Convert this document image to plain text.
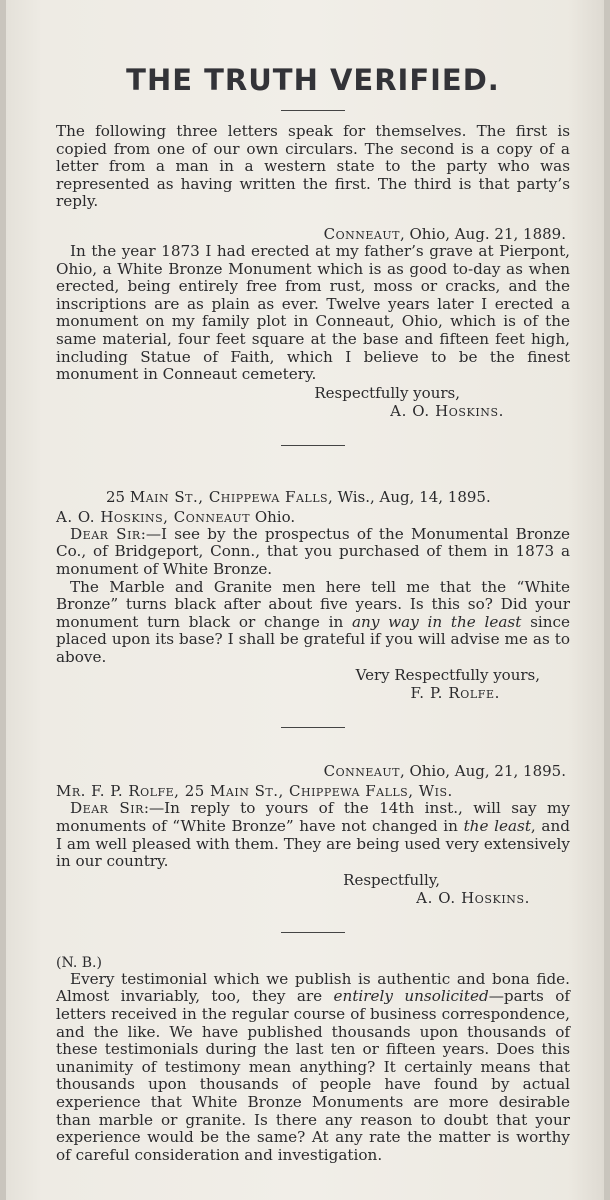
THE TRUTH VERIFIED.

The following three letters speak for themselves. The first is copied from one of our own circulars. The second is a copy of a letter from a man in a western state to the party who was represented as having written the first. The third is that party’s reply.

Conneaut, Ohio, Aug. 21, 1889.

In the year 1873 I had erected at my father’s grave at Pierpont, Ohio, a White Bronze Monument which is as good to-day as when erected, being entirely free from rust, moss or cracks, and the inscriptions are as plain as ever. Twelve years later I erected a monument on my family plot in Conneaut, Ohio, which is of the same material, four feet square at the base and fifteen feet high, including Statue of Faith, which I believe to be the finest monument in Conneaut cemetery.

Respectfully yours,
A. O. Hoskins.
25 Main St., Chippewa Falls, Wis., Aug, 14, 1895.
A. O. Hoskins, Conneaut Ohio.

Dear Sir:—I see by the prospectus of the Monumental Bronze Co., of Bridgeport, Conn., that you purchased of them in 1873 a monument of White Bronze.

The Marble and Granite men here tell me that the “White Bronze” turns black after about five years. Is this so? Did your monument turn black or change in any way in the least since placed upon its base? I shall be grateful if you will advise me as to above.

Very Respectfully yours,
F. P. Rolfe.
Conneaut, Ohio, Aug, 21, 1895.
Mr. F. P. Rolfe, 25 Main St., Chippewa Falls, Wis.

Dear Sir:—In reply to yours of the 14th inst., will say my monuments of “White Bronze” have not changed in the least, and I am well pleased with them. They are being used very extensively in our country.

Respectfully,
A. O. Hoskins.
(N. B.)

Every testimonial which we publish is authentic and bona fide. Almost invariably, too, they are entirely unsolicited—parts of letters received in the regular course of business correspondence, and the like. We have published thousands upon thousands of these testimonials during the last ten or fifteen years. Does this unanimity of testimony mean anything? It certainly means that thousands upon thousands of people have found by actual experience that White Bronze Monuments are more desirable than marble or granite. Is there any reason to doubt that your experience would be the same? At any rate the matter is worthy of careful consideration and investigation.
